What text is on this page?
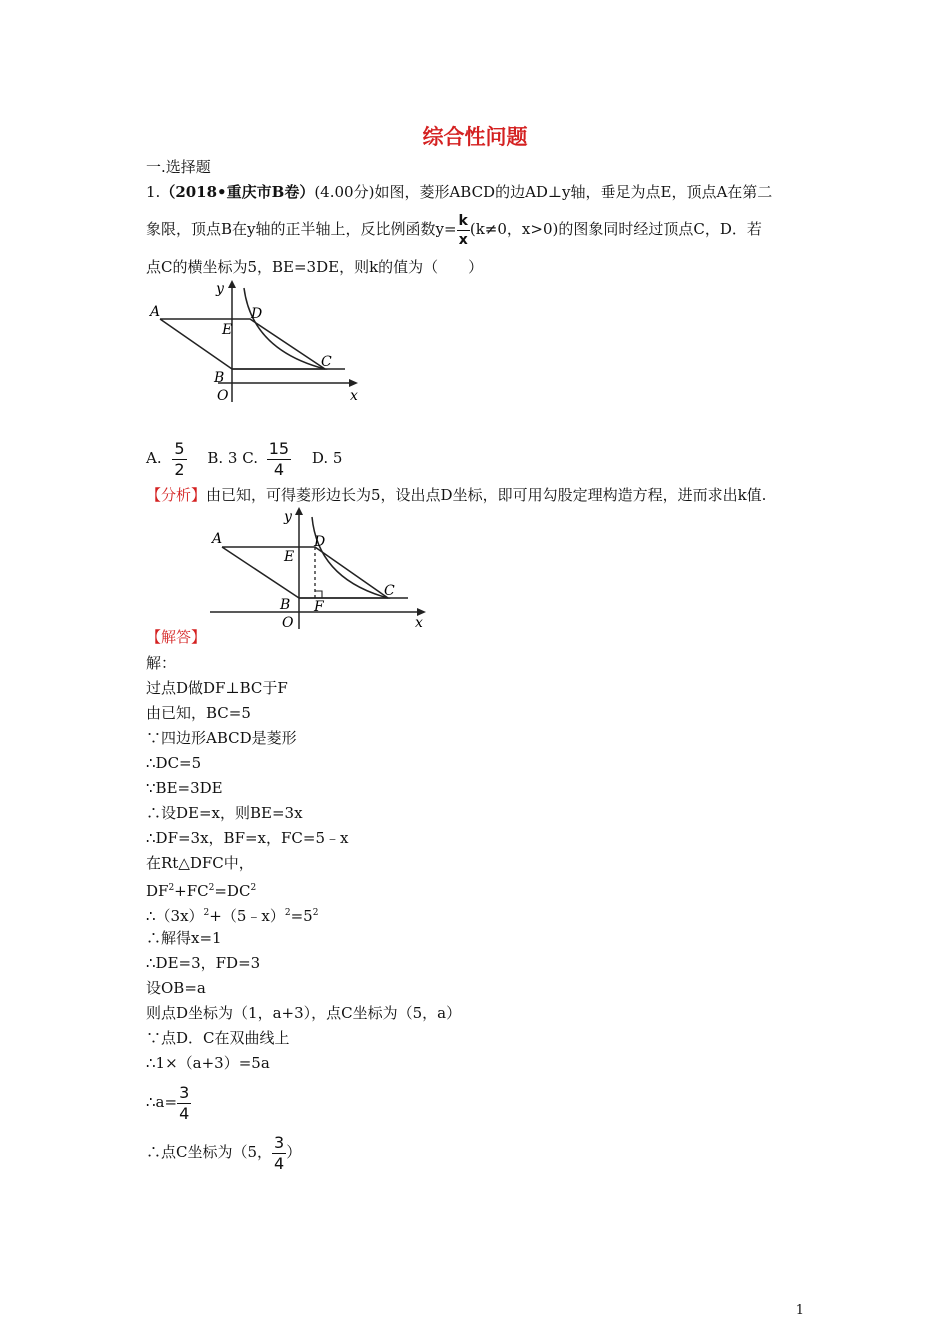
综合性问题
一.选择题
1.（2018•重庆市B卷）(4.00分)如图，菱形ABCD的边AD⊥y轴，垂足为点E，顶点A在第二
象限，顶点B在y轴的正半轴上，反比例函数$y= \frac{k}{x} (k\ne 0$，x>0)的图象同时经过顶点C，D．若
点C的横坐标为5，BE=3DE，则k的值为（　　）
A
E
D
C
B
O	x
y
A. $\frac{5}{2} B$. 3 C. $\frac{15}{4} D$. 5
【分析】由已知，可得菱形边长为5，设出点D坐标，即可用勾股定理构造方程，进而求出k值.
A
E
D
C
B F
O	x
y
【解答】
解：
过点D做DF⊥BC于F
由已知，BC=5
∵四边形ABCD是菱形
∴DC=5
∵BE=3DE
∴设DE=x，则BE=3x
∴DF=3x，BF=x，FC=5﹣x
在Rt△DFC中，
$DF^2+FC^2=DC^2$
$\therefore(3x)^2+(5﹣x)^2=5^2$
∴解得x=1
∴DE=3，FD=3
设OB=a
则点D坐标为（1，a+3），点C坐标为（5，a）
∵点D．C在双曲线上
∴1×（a+3）=5a
∴a= $\frac{3}{4}$
∴点C坐标为（5， $\frac{3}{4}$ ）
1
